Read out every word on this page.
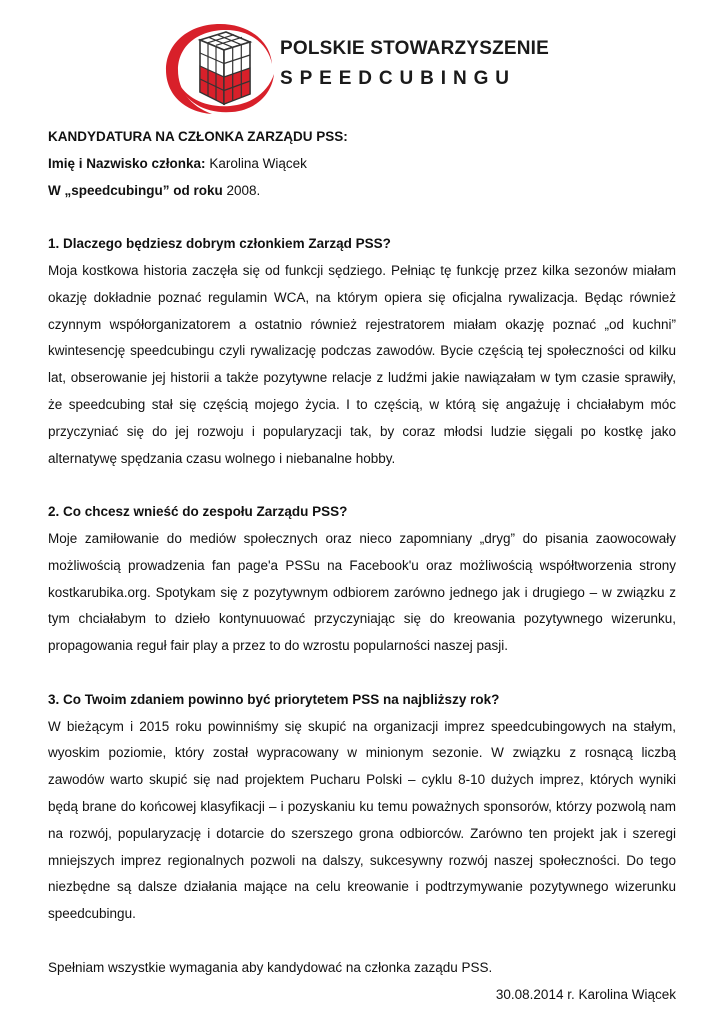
POLSKIE STOWARZYSZENIE
SPEEDCUBINGU

KANDYDATURA NA CZŁONKA ZARZĄDU PSS:

Imię i Nazwisko członka: Karolina Wiącek

W „speedcubingu” od roku 2008.

1. Dlaczego będziesz dobrym członkiem Zarząd PSS?

Moja kostkowa historia zaczęła się od funkcji sędziego. Pełniąc tę funkcję przez kilka sezonów miałam okazję dokładnie poznać regulamin WCA, na którym opiera się oficjalna rywalizacja. Będąc również czynnym współorganizatorem a ostatnio również rejestratorem miałam okazję poznać „od kuchni” kwintesencję speedcubingu czyli rywalizację podczas zawodów. Bycie częścią tej społeczności od kilku lat, obserowanie jej historii a także pozytywne relacje z ludźmi jakie nawiązałam w tym czasie sprawiły, że speedcubing stał się częścią mojego życia. I to częścią, w którą się angażuję i chciałabym móc przyczyniać się do jej rozwoju i popularyzacji tak, by coraz młodsi ludzie sięgali po kostkę jako alternatywę spędzania czasu wolnego i niebanalne hobby.

2. Co chcesz wnieść do zespołu Zarządu PSS?

Moje zamiłowanie do mediów społecznych oraz nieco zapomniany „dryg” do pisania zaowocowały możliwością prowadzenia fan page'a PSSu na Facebook'u oraz możliwością współtworzenia strony kostkarubika.org. Spotykam się z pozytywnym odbiorem zarówno jednego jak i drugiego – w związku z tym chciałabym to dzieło kontynuuować przyczyniając się do kreowania pozytywnego wizerunku, propagowania reguł fair play a przez to do wzrostu popularności naszej pasji.

3. Co Twoim zdaniem powinno być priorytetem PSS na najbliższy rok?

W bieżącym i 2015 roku powinniśmy się skupić na organizacji imprez speedcubingowych na stałym, wyoskim poziomie, który został wypracowany w minionym sezonie. W związku z rosnącą liczbą zawodów warto skupić się nad projektem Pucharu Polski – cyklu 8-10 dużych imprez, których wyniki będą brane do końcowej klasyfikacji – i pozyskaniu ku temu poważnych sponsorów, którzy pozwolą nam na rozwój, popularyzację i dotarcie do szerszego grona odbiorców. Zarówno ten projekt jak i szeregi mniejszych imprez regionalnych pozwoli na dalszy, sukcesywny rozwój naszej społeczności. Do tego niezbędne są dalsze działania mające na celu kreowanie i podtrzymywanie pozytywnego wizerunku speedcubingu.

Spełniam wszystkie wymagania aby kandydować na członka zaządu PSS.

30.08.2014 r. Karolina Wiącek
